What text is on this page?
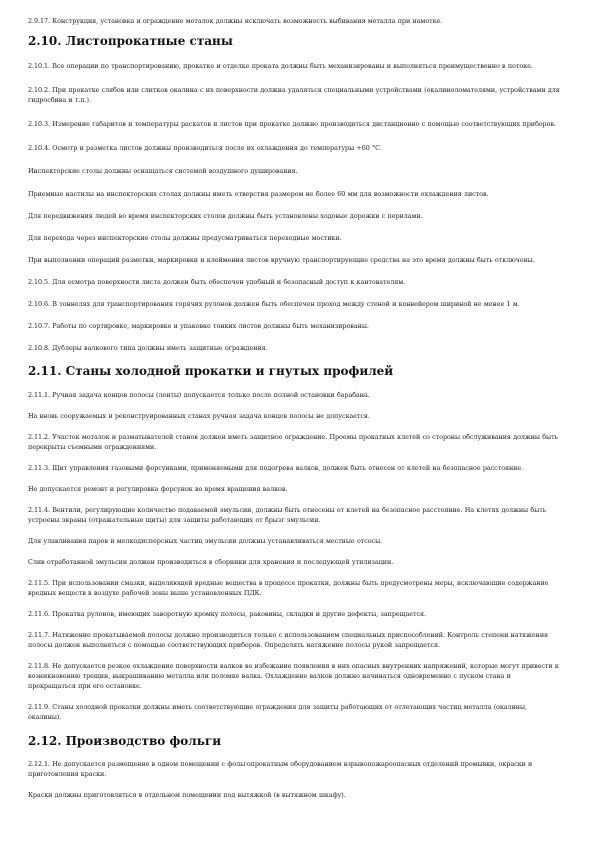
2.9.17. Конструкция, установка и ограждение моталок должны исключать возможность выбивания металла при намотке.

2.10. Листопрокатные станы

2.10.1. Все операции по транспортированию, прокатке и отделке проката должны быть механизированы и выполняться преимущественно в потоке.

2.10.2. При прокатке слябов или слитков окалина с их поверхности должна удаляться специальными устройствами (окалиноломателями, устройствами для гидросбива и т.п.).

2.10.3. Измерение габаритов и температуры раскатов и листов при прокатке должно производиться дистанционно с помощью соответствующих приборов.

2.10.4. Осмотр и разметка листов должны производиться после их охлаждения до температуры +60 °С.

Инспекторские столы должны оснащаться системой воздушного душирования.

Приемные настилы на инспекторских столах должны иметь отверстия размером не более 60 мм для возможности охлаждения листов.

Для передвижения людей во время инспекторских столов должны быть установлены ходовые дорожки с перилами.

Для перехода через инспекторские столы должны предусматриваться переходные мостики.

При выполнении операций разметки, маркировки и клеймения листов вручную транспортирующие средства на это время должны быть отключены.

2.10.5. Для осмотра поверхности листа должен быть обеспечен удобный и безопасный доступ к кантователям.

2.10.6. В тоннелях для транспортирования горячих рулонов должен быть обеспечен проход между стеной и конвейером шириной не менее 1 м.

2.10.7. Работы по сортировке, маркировке и упаковке тонких листов должны быть механизированы.

2.10.8. Дублеры валкового типа должны иметь защитные ограждения.

2.11. Станы холодной прокатки и гнутых профилей

2.11.1. Ручная задача концов полосы (ленты) допускается только после полной остановки барабана.

На вновь сооружаемых и реконструированных станах ручная задача концов полосы не допускается.

2.11.2. Участок моталок и разматывателей станов должен иметь защитное ограждение. Проемы прокатных клетей со стороны обслуживания должны быть перекрыты съемными ограждениями.

2.11.3. Щит управления газовыми форсунками, применяемыми для подогрева валков, должен быть отнесен от клетей на безопасное расстояние.

Не допускается ремонт и регулировка форсунок во время вращения валков.

2.11.4. Вентили, регулирующие количество подаваемой эмульсии, должны быть отнесены от клетей на безопасное расстояние. На клетях должны быть устроены экраны (отражательные щиты) для защиты работающих от брызг эмульсии.

Для улавливания паров и мелкодисперсных частиц эмульсии должны устанавливаться местные отсосы.

Слив отработанной эмульсии должен производиться в сборники для хранения и последующей утилизации.

2.11.5. При использовании смазки, выделяющей вредные вещества в процессе прокатки, должны быть предусмотрены меры, исключающие содержание вредных веществ в воздухе рабочей зоны выше установленных ПДК.

2.11.6. Прокатка рулонов, имеющих заворотную кромку полосы, раковины, складки и другие дефекты, запрещается.

2.11.7. Натяжение прокатываемой полосы должно производиться только с использованием специальных приспособлений. Контроль степени натяжения полосы должен выполняться с помощью соответствующих приборов. Определять натяжение полосы рукой запрещается.

2.11.8. Не допускается резкое охлаждение поверхности валков во избежание появления в них опасных внутренних напряжений, которые могут привести к возникновению трещин, выкрашиванию металла или поломке валка. Охлаждение валков должно начинаться одновременно с пуском стана и прекращаться при его остановке.

2.11.9. Станы холодной прокатки должны иметь соответствующие ограждения для защиты работающих от отлетающих частиц металла (окалины, окалины).

2.12. Производство фольги

2.12.1. Не допускается размещение в одном помещении с фольгопрокатным оборудованием взрывопожароопасных отделений промывки, окраски и приготовления краски.

Краски должны приготовляться в отдельном помещении под вытяжкой (в вытяжном шкафу).
